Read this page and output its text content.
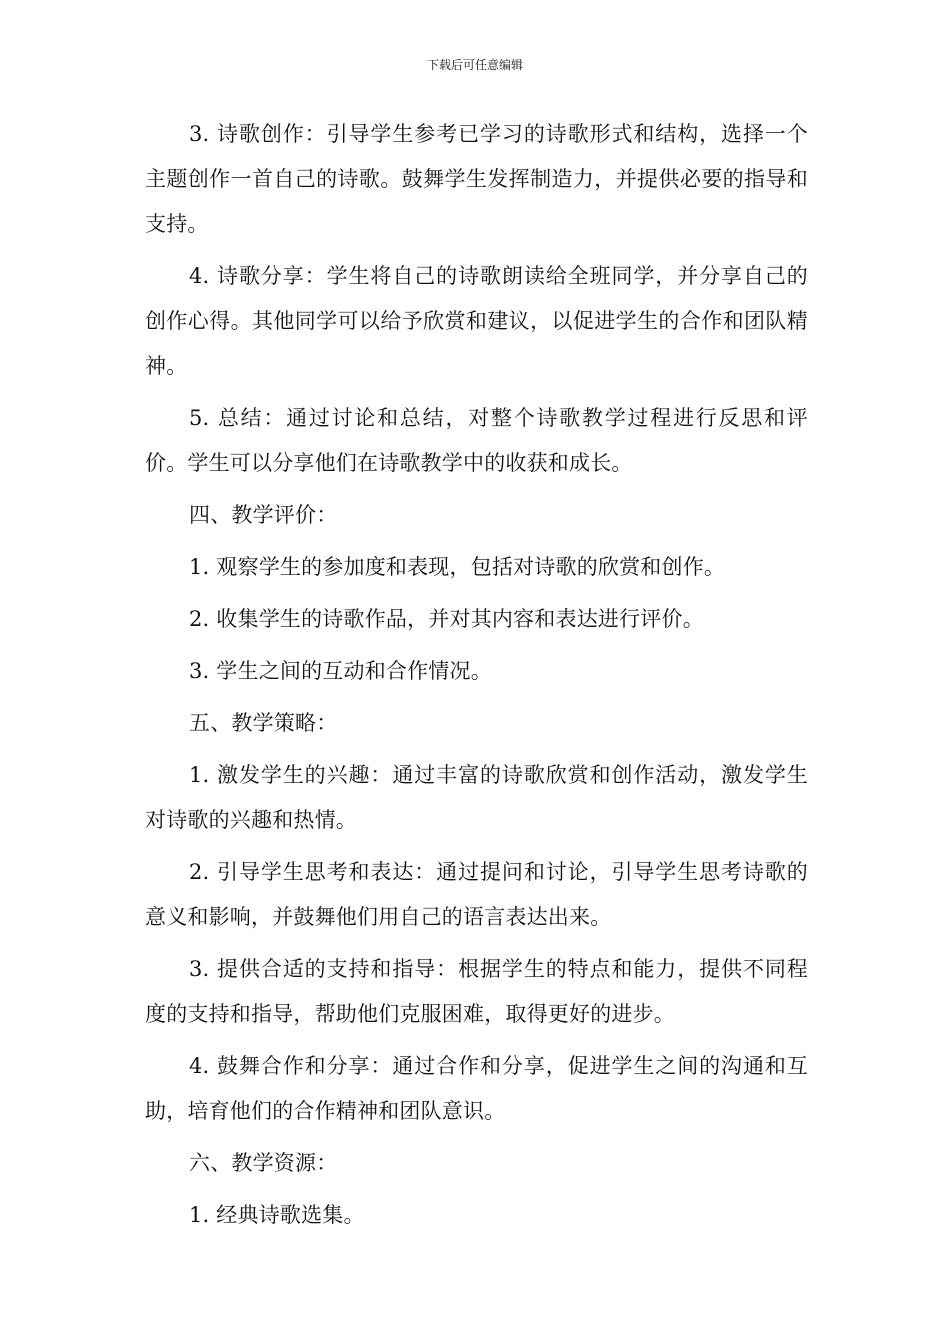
下载后可任意编辑

3. 诗歌创作：引导学生参考已学习的诗歌形式和结构，选择一个主题创作一首自己的诗歌。鼓舞学生发挥制造力，并提供必要的指导和支持。

4. 诗歌分享：学生将自己的诗歌朗读给全班同学，并分享自己的创作心得。其他同学可以给予欣赏和建议，以促进学生的合作和团队精神。

5. 总结：通过讨论和总结，对整个诗歌教学过程进行反思和评价。学生可以分享他们在诗歌教学中的收获和成长。

四、教学评价：

1. 观察学生的参加度和表现，包括对诗歌的欣赏和创作。

2. 收集学生的诗歌作品，并对其内容和表达进行评价。

3. 学生之间的互动和合作情况。

五、教学策略：

1. 激发学生的兴趣：通过丰富的诗歌欣赏和创作活动，激发学生对诗歌的兴趣和热情。

2. 引导学生思考和表达：通过提问和讨论，引导学生思考诗歌的意义和影响，并鼓舞他们用自己的语言表达出来。

3. 提供合适的支持和指导：根据学生的特点和能力，提供不同程度的支持和指导，帮助他们克服困难，取得更好的进步。

4. 鼓舞合作和分享：通过合作和分享，促进学生之间的沟通和互助，培育他们的合作精神和团队意识。

六、教学资源：

1. 经典诗歌选集。
